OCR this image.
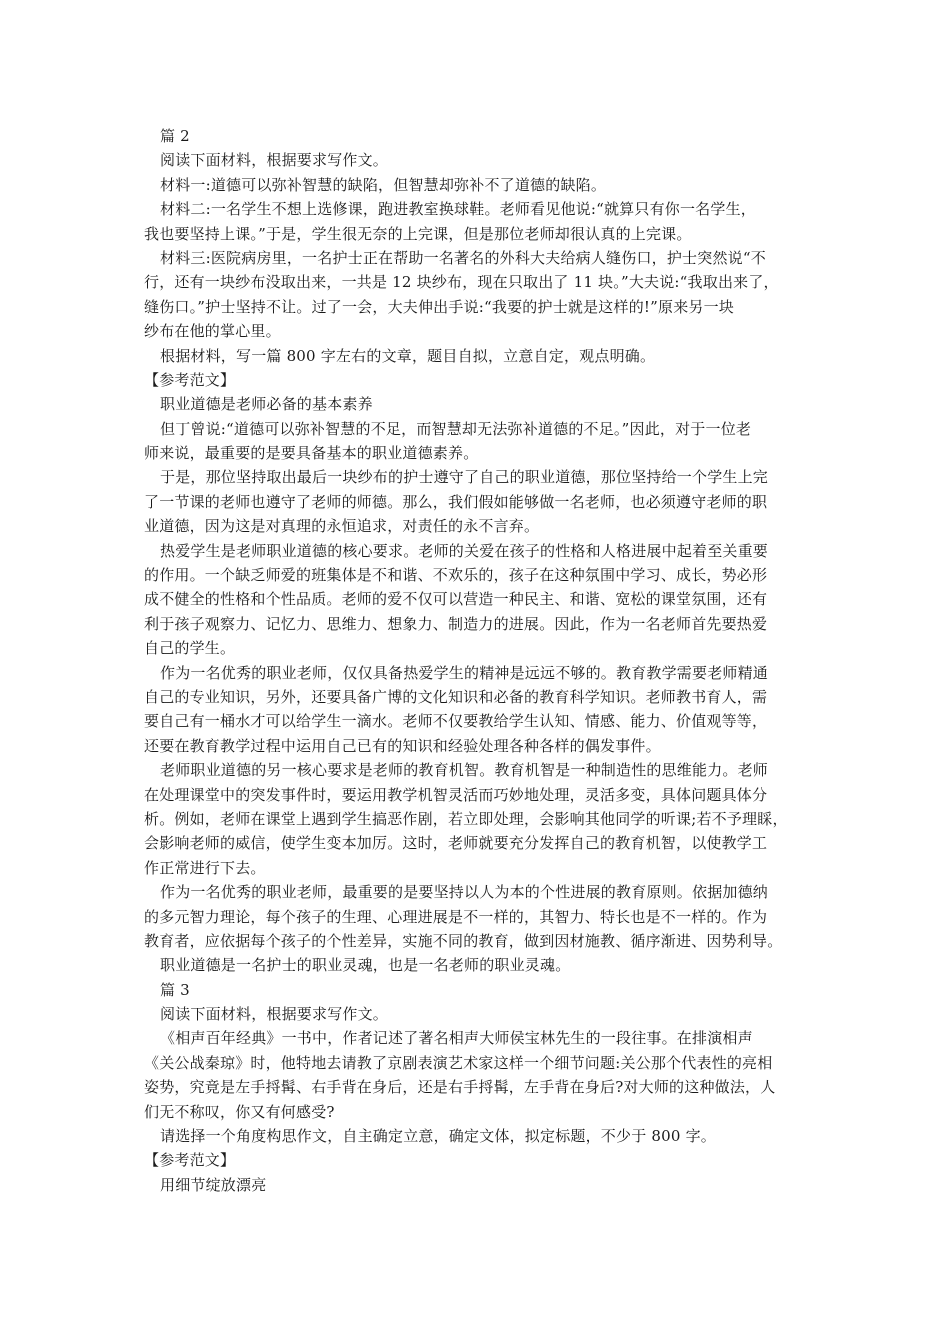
篇 2
阅读下面材料，根据要求写作文。
材料一:道德可以弥补智慧的缺陷，但智慧却弥补不了道德的缺陷。
材料二:一名学生不想上选修课，跑进教室换球鞋。老师看见他说:“就算只有你一名学生，
我也要坚持上课。”于是，学生很无奈的上完课，但是那位老师却很认真的上完课。
材料三:医院病房里，一名护士正在帮助一名著名的外科大夫给病人缝伤口，护士突然说“不
行，还有一块纱布没取出来，一共是 12 块纱布，现在只取出了 11 块。”大夫说:“我取出来了，
缝伤口。”护士坚持不让。过了一会，大夫伸出手说:“我要的护士就是这样的!”原来另一块
纱布在他的掌心里。
根据材料，写一篇 800 字左右的文章，题目自拟，立意自定，观点明确。
【参考范文】
职业道德是老师必备的基本素养
但丁曾说:“道德可以弥补智慧的不足，而智慧却无法弥补道德的不足。”因此，对于一位老
师来说，最重要的是要具备基本的职业道德素养。
于是，那位坚持取出最后一块纱布的护士遵守了自己的职业道德，那位坚持给一个学生上完
了一节课的老师也遵守了老师的师德。那么，我们假如能够做一名老师，也必须遵守老师的职
业道德，因为这是对真理的永恒追求，对责任的永不言弃。
热爱学生是老师职业道德的核心要求。老师的关爱在孩子的性格和人格进展中起着至关重要
的作用。一个缺乏师爱的班集体是不和谐、不欢乐的，孩子在这种氛围中学习、成长，势必形
成不健全的性格和个性品质。老师的爱不仅可以营造一种民主、和谐、宽松的课堂氛围，还有
利于孩子观察力、记忆力、思维力、想象力、制造力的进展。因此，作为一名老师首先要热爱
自己的学生。
作为一名优秀的职业老师，仅仅具备热爱学生的精神是远远不够的。教育教学需要老师精通
自己的专业知识，另外，还要具备广博的文化知识和必备的教育科学知识。老师教书育人，需
要自己有一桶水才可以给学生一滴水。老师不仅要教给学生认知、情感、能力、价值观等等，
还要在教育教学过程中运用自己已有的知识和经验处理各种各样的偶发事件。
老师职业道德的另一核心要求是老师的教育机智。教育机智是一种制造性的思维能力。老师
在处理课堂中的突发事件时，要运用教学机智灵活而巧妙地处理，灵活多变，具体问题具体分
析。例如，老师在课堂上遇到学生搞恶作剧，若立即处理，会影响其他同学的听课;若不予理睬，
会影响老师的威信，使学生变本加厉。这时，老师就要充分发挥自己的教育机智，以使教学工
作正常进行下去。
作为一名优秀的职业老师，最重要的是要坚持以人为本的个性进展的教育原则。依据加德纳
的多元智力理论，每个孩子的生理、心理进展是不一样的，其智力、特长也是不一样的。作为
教育者，应依据每个孩子的个性差异，实施不同的教育，做到因材施教、循序渐进、因势利导。
职业道德是一名护士的职业灵魂，也是一名老师的职业灵魂。
篇 3
阅读下面材料，根据要求写作文。
《相声百年经典》一书中，作者记述了著名相声大师侯宝林先生的一段往事。在排演相声
《关公战秦琼》时，他特地去请教了京剧表演艺术家这样一个细节问题:关公那个代表性的亮相
姿势，究竟是左手捋髯、右手背在身后，还是右手捋髯，左手背在身后?对大师的这种做法，人
们无不称叹，你又有何感受?
请选择一个角度构思作文，自主确定立意，确定文体，拟定标题，不少于 800 字。
【参考范文】
用细节绽放漂亮
